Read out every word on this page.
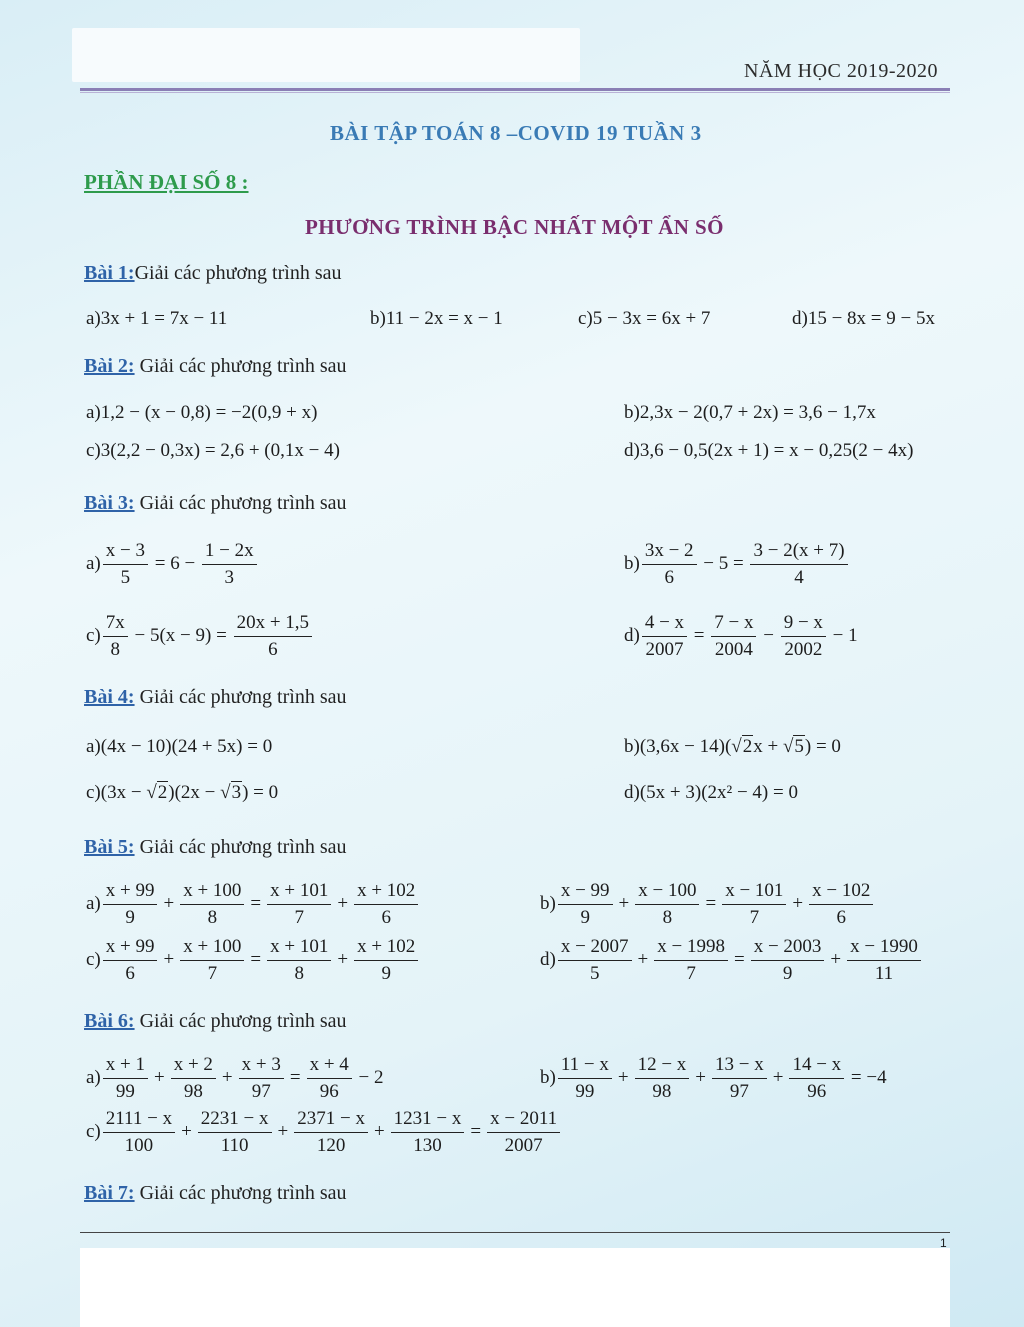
NĂM HỌC 2019-2020
BÀI TẬP TOÁN 8 –COVID 19 TUẦN 3
PHẦN ĐẠI SỐ 8 :
PHƯƠNG TRÌNH BẬC NHẤT MỘT ẨN SỐ
Bài 1:Giải các phương trình sau
a)3x + 1 = 7x − 11	b)11 − 2x = x − 1	c)5 − 3x = 6x + 7	d)15 − 8x = 9 − 5x
Bài 2: Giải các phương trình sau
a)1,2 − (x − 0,8) = −2(0,9 + x)	b)2,3x − 2(0,7 + 2x) = 3,6 − 1,7x
c)3(2,2 − 0,3x) = 2,6 + (0,1x − 4)	d)3,6 − 0,5(2x + 1) = x − 0,25(2 − 4x)
Bài 3: Giải các phương trình sau
$a) \frac{x - 3}{5} = 6 - \frac{1 - 2x}{3}$	$b) \frac{3x - 2}{6} - 5 = \frac{3 - 2(x + 7)}{4}$
$c) \frac{7x}{8} - 5(x - 9) = \frac{20x + 1,5}{6}$	$d) \frac{4 - x}{2007} = \frac{7 - x}{2004} - \frac{9 - x}{2002} - 1$
Bài 4: Giải các phương trình sau
a)(4x − 10)(24 + 5x) = 0	b)(3,6x − 14)(√2x + √5) = 0
c)(3x − √2)(2x − √3) = 0	d)(5x + 3)(2x² − 4) = 0
Bài 5: Giải các phương trình sau
$a) \frac{x + 99}{9} + \frac{x + 100}{8} = \frac{x + 101}{7} + \frac{x + 102}{6}$	$b) \frac{x - 99}{9} + \frac{x - 100}{8} = \frac{x - 101}{7} + \frac{x - 102}{6}$
$c) \frac{x + 99}{6} + \frac{x + 100}{7} = \frac{x + 101}{8} + \frac{x + 102}{9}$	$d) \frac{x - 2007}{5} + \frac{x - 1998}{7} = \frac{x - 2003}{9} + \frac{x - 1990}{11}$
Bài 6: Giải các phương trình sau
$a) \frac{x + 1}{99} + \frac{x + 2}{98} + \frac{x + 3}{97} = \frac{x + 4}{96} - 2$	$b) \frac{11 - x}{99} + \frac{12 - x}{98} + \frac{13 - x}{97} + \frac{14 - x}{96} = -4$
$c) \frac{2111 - x}{100} + \frac{2231 - x}{110} + \frac{2371 - x}{120} + \frac{1231 - x}{130} = \frac{x - 2011}{2007}$
Bài 7: Giải các phương trình sau
1
